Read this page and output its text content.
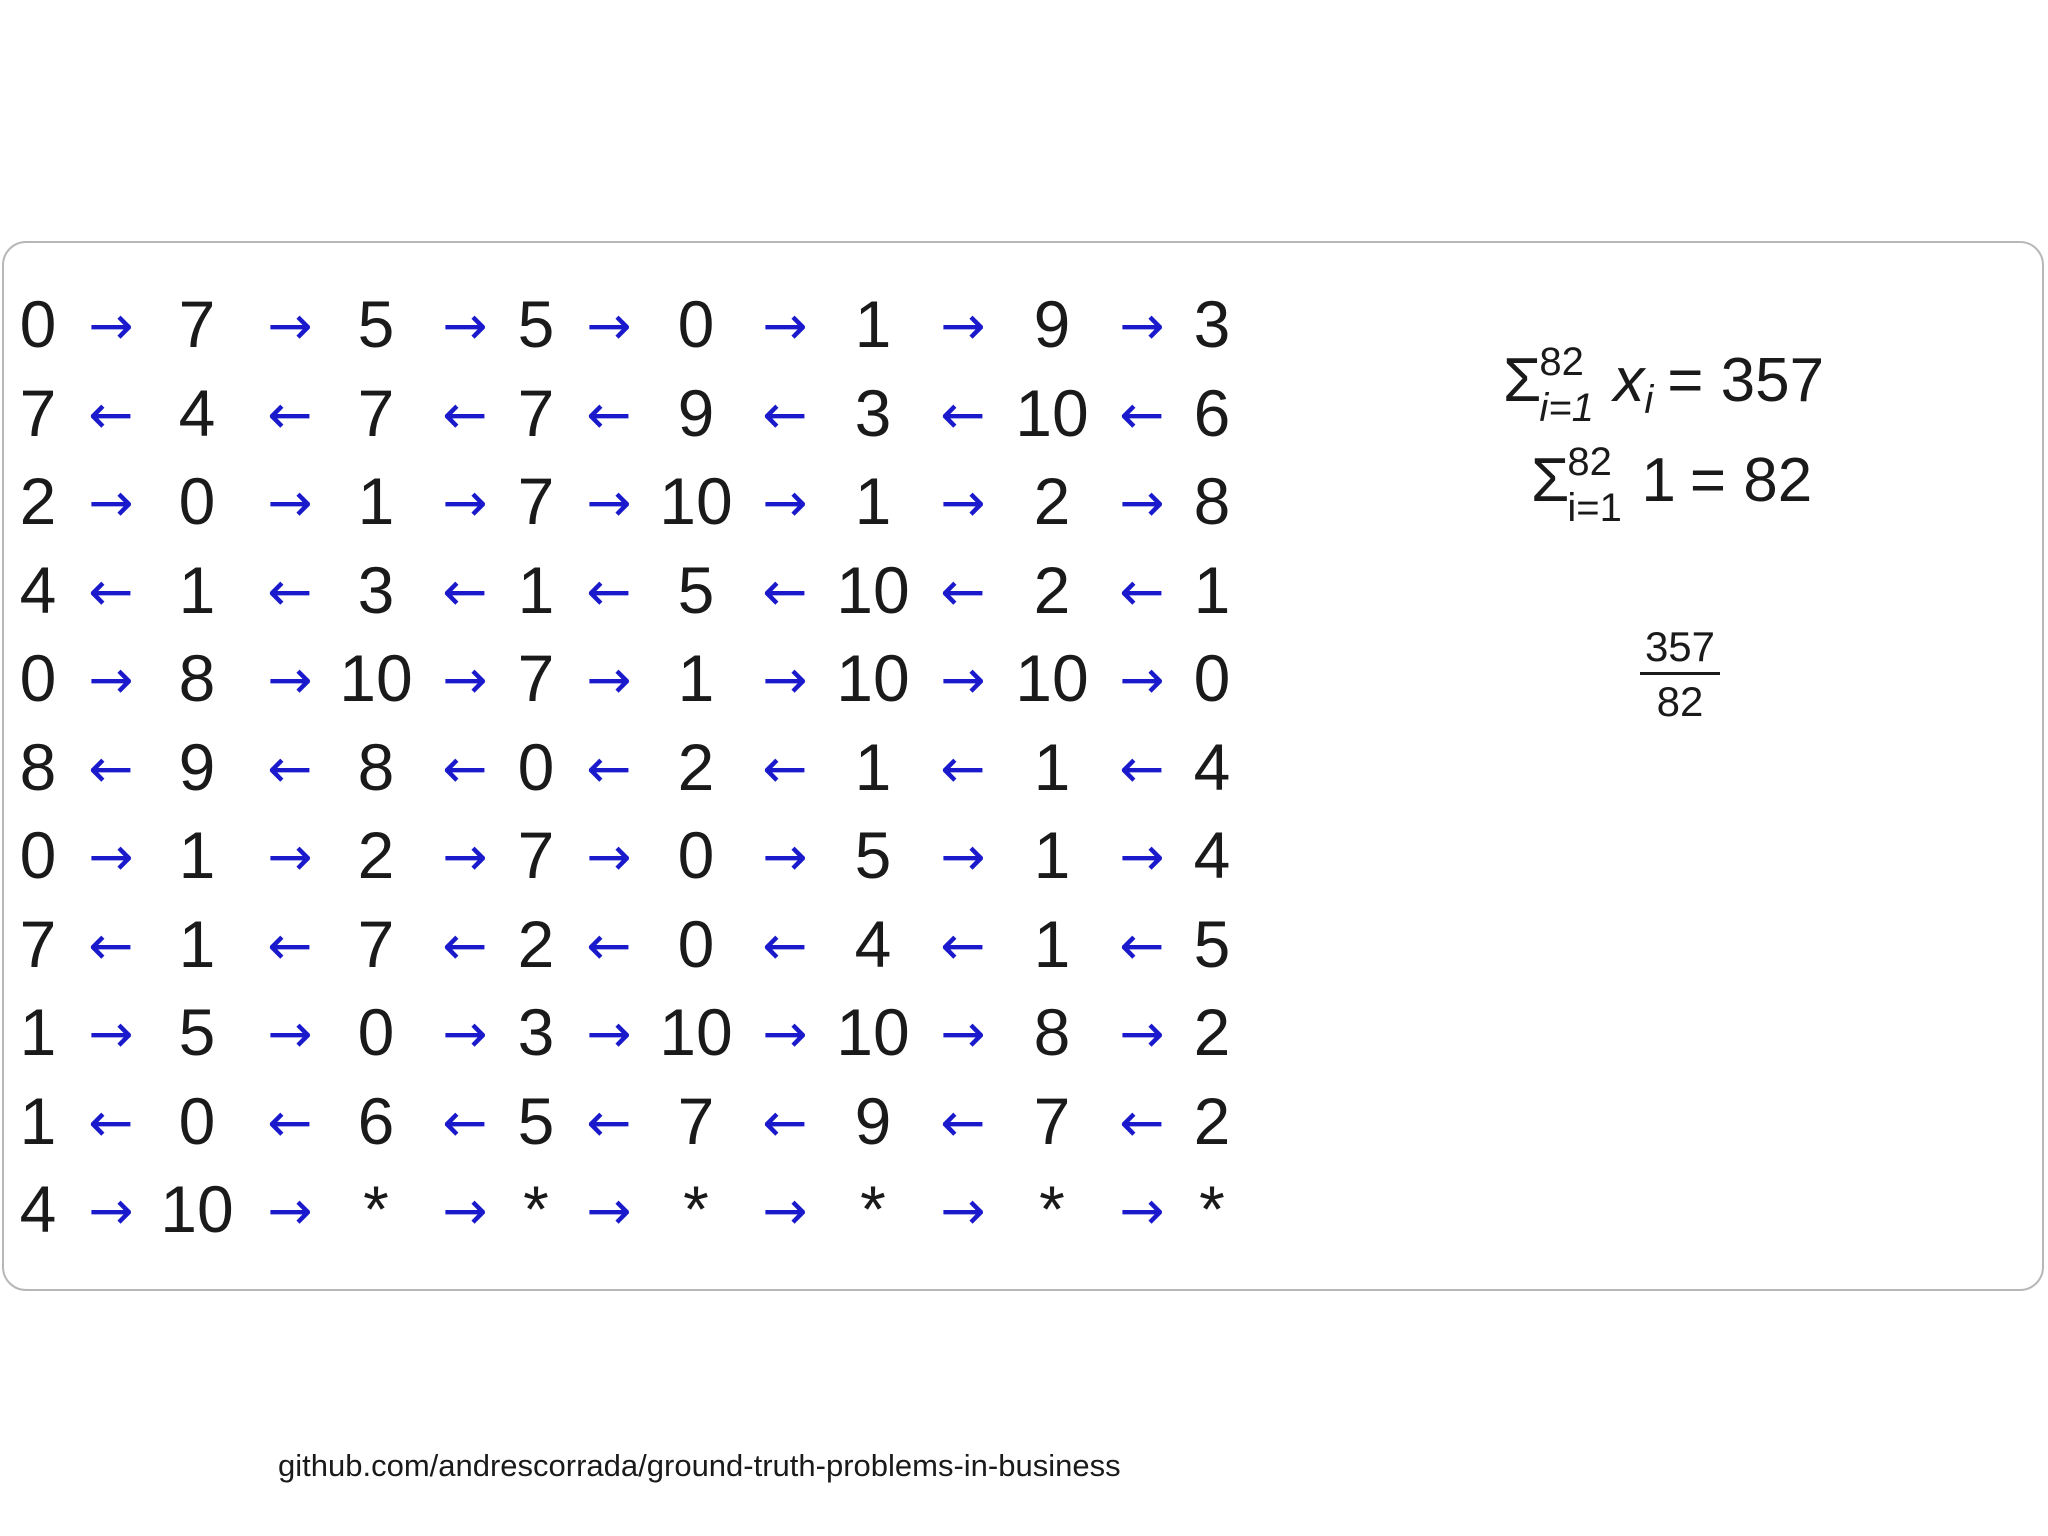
0 → 7 → 5 → 5 → 0 → 1 → 9 → 3
7 ← 4 ← 7 ← 7 ← 9 ← 3 ← 10 ← 6
2 → 0 → 1 → 7 → 10 → 1 → 2 → 8
4 ← 1 ← 3 ← 1 ← 5 ← 10 ← 2 ← 1
0 → 8 → 10 → 7 → 1 → 10 → 10 → 0
8 ← 9 ← 8 ← 0 ← 2 ← 1 ← 1 ← 4
0 → 1 → 2 → 7 → 0 → 5 → 1 → 4
7 ← 1 ← 7 ← 2 ← 0 ← 4 ← 1 ← 5
1 → 5 → 0 → 3 → 10 → 10 → 8 → 2
1 ← 0 ← 6 ← 5 ← 7 ← 9 ← 7 ← 2
4 → 10 → * → * → * → * → * → *
Σ
82
i=1 xi = 357
Σ
82
i=1 1 = 82
$\frac{357}{82}$
github.com/andrescorrada/ground-truth-problems-in-business
